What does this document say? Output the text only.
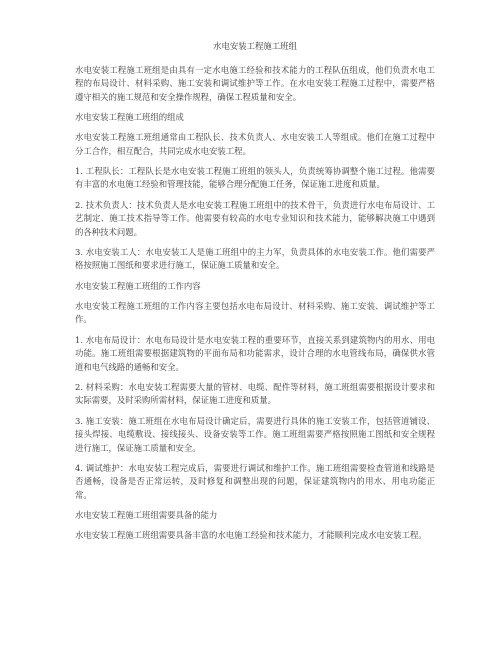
水电安装工程施工班组
水电安装工程施工班组是由具有一定水电施工经验和技术能力的工程队伍组成，他们负责水电工程的布局设计、材料采购、施工安装和调试维护等工作。在水电安装工程施工过程中，需要严格遵守相关的施工规范和安全操作规程，确保工程质量和安全。
水电安装工程施工班组的组成
水电安装工程施工班组通常由工程队长、技术负责人、水电安装工人等组成。他们在施工过程中分工合作，相互配合，共同完成水电安装工程。
1. 工程队长：工程队长是水电安装工程施工班组的领头人，负责统筹协调整个施工过程。他需要有丰富的水电施工经验和管理技能，能够合理分配施工任务，保证施工进度和质量。
2. 技术负责人：技术负责人是水电安装工程施工班组中的技术骨干，负责进行水电布局设计、工艺制定、施工技术指导等工作。他需要有较高的水电专业知识和技术能力，能够解决施工中遇到的各种技术问题。
3. 水电安装工人：水电安装工人是施工班组中的主力军，负责具体的水电安装工作。他们需要严格按照施工图纸和要求进行施工，保证施工质量和安全。
水电安装工程施工班组的工作内容
水电安装工程施工班组的工作内容主要包括水电布局设计、材料采购、施工安装、调试维护等工作。
1. 水电布局设计：水电布局设计是水电安装工程的重要环节，直接关系到建筑物内的用水、用电功能。施工班组需要根据建筑物的平面布局和功能需求，设计合理的水电管线布局，确保供水管道和电气线路的通畅和安全。
2. 材料采购：水电安装工程需要大量的管材、电缆、配件等材料，施工班组需要根据设计要求和实际需要，及时采购所需材料，保证施工进度和质量。
3. 施工安装：施工班组在水电布局设计确定后，需要进行具体的施工安装工作，包括管道铺设、接头焊接、电缆敷设、接线接头、设备安装等工作。施工班组需要严格按照施工图纸和安全规程进行施工，保证施工质量和安全。
4. 调试维护：水电安装工程完成后，需要进行调试和维护工作。施工班组需要检查管道和线路是否通畅，设备是否正常运转，及时修复和调整出现的问题，保证建筑物内的用水、用电功能正常。
水电安装工程施工班组需要具备的能力
水电安装工程施工班组需要具备丰富的水电施工经验和技术能力，才能顺利完成水电安装工程。
